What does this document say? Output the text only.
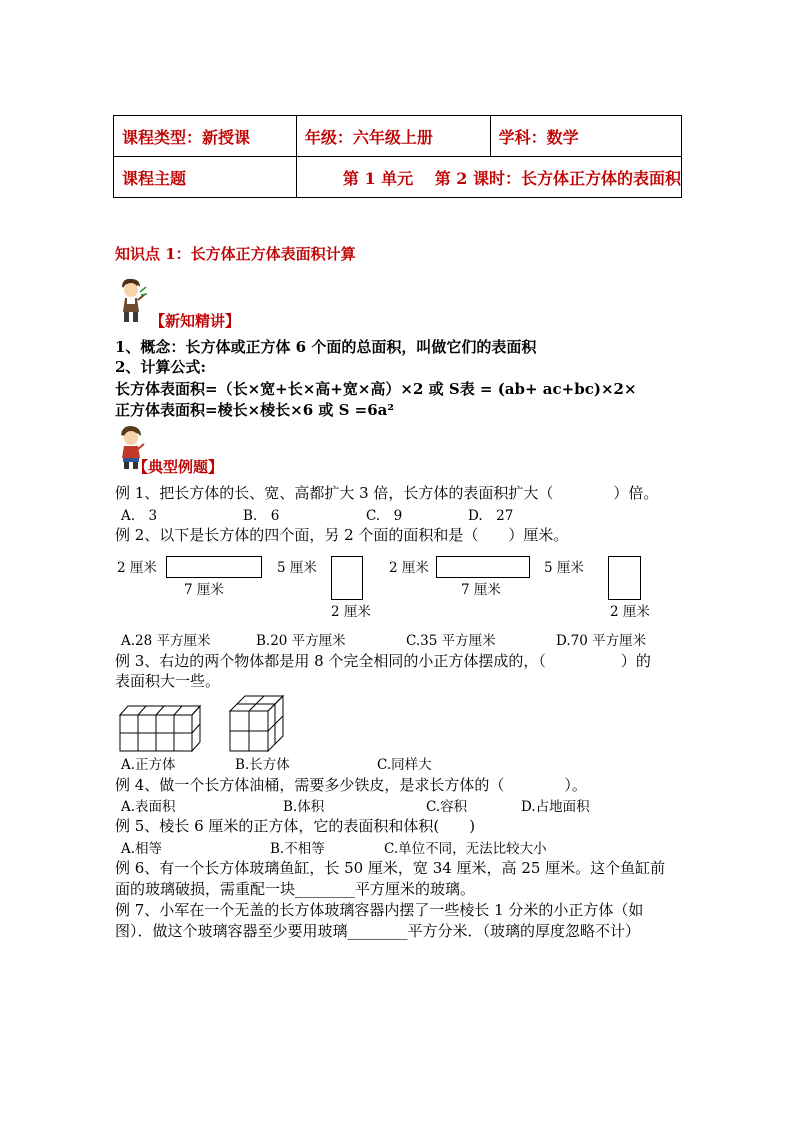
课程类型：新授课	年级：六年级上册	学科：数学
课程主题	第 1 单元　 第 2 课时：长方体正方体的表面积	
知识点 1：长方体正方体表面积计算
【新知精讲】
1、概念：长方体或正方体 6 个面的总面积，叫做它们的表面积
2、计算公式:
长方体表面积=（长×宽+长×高+宽×高）×2 或 S表 = (ab+ ac+bc)×2×
正方体表面积=棱长×棱长×6 或 S =6a²
【典型例题】
例 1、把长方体的长、宽、高都扩大 3 倍，长方体的表面积扩大（　　　　）倍。
A.　3	B.　6	C.　9	D.　27
例 2、以下是长方体的四个面，另 2 个面的面积和是（　　）厘米。
2 厘米
7 厘米
5 厘米
2 厘米
2 厘米
7 厘米
5 厘米
2 厘米
A.28 平方厘米	B.20 平方厘米	C.35 平方厘米	D.70 平方厘米
例 3、右边的两个物体都是用 8 个完全相同的小正方体摆成的，（　　　　　）的
表面积大一些。
A.正方体	B.长方体	C.同样大
例 4、做一个长方体油桶，需要多少铁皮，是求长方体的（　　　　）。
A.表面积	B.体积	C.容积	D.占地面积
例 5、棱长 6 厘米的正方体，它的表面积和体积(　　)
A.相等	B.不相等	C.单位不同，无法比较大小
例 6、有一个长方体玻璃鱼缸，长 50 厘米，宽 34 厘米，高 25 厘米。这个鱼缸前
面的玻璃破损，需重配一块________平方厘米的玻璃。
例 7、小军在一个无盖的长方体玻璃容器内摆了一些棱长 1 分米的小正方体（如
图）．做这个玻璃容器至少要用玻璃________平方分米．（玻璃的厚度忽略不计）
